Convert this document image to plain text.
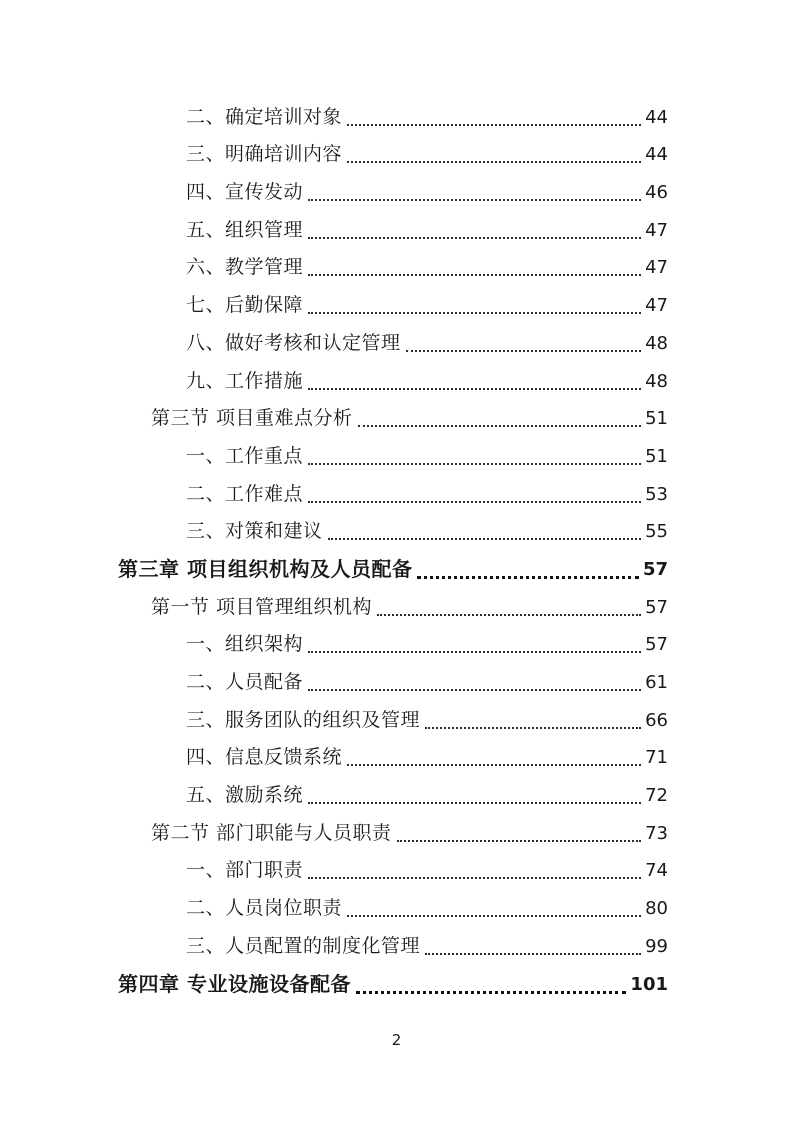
二、确定培训对象	44
三、明确培训内容	44
四、宣传发动	46
五、组织管理	47
六、教学管理	47
七、后勤保障	47
八、做好考核和认定管理	48
九、工作措施	48
第三节 项目重难点分析	51
一、工作重点	51
二、工作难点	53
三、对策和建议	55
第三章 项目组织机构及人员配备	57
第一节 项目管理组织机构	57
一、组织架构	57
二、人员配备	61
三、服务团队的组织及管理	66
四、信息反馈系统	71
五、激励系统	72
第二节 部门职能与人员职责	73
一、部门职责	74
二、人员岗位职责	80
三、人员配置的制度化管理	99
第四章 专业设施设备配备	101
2
